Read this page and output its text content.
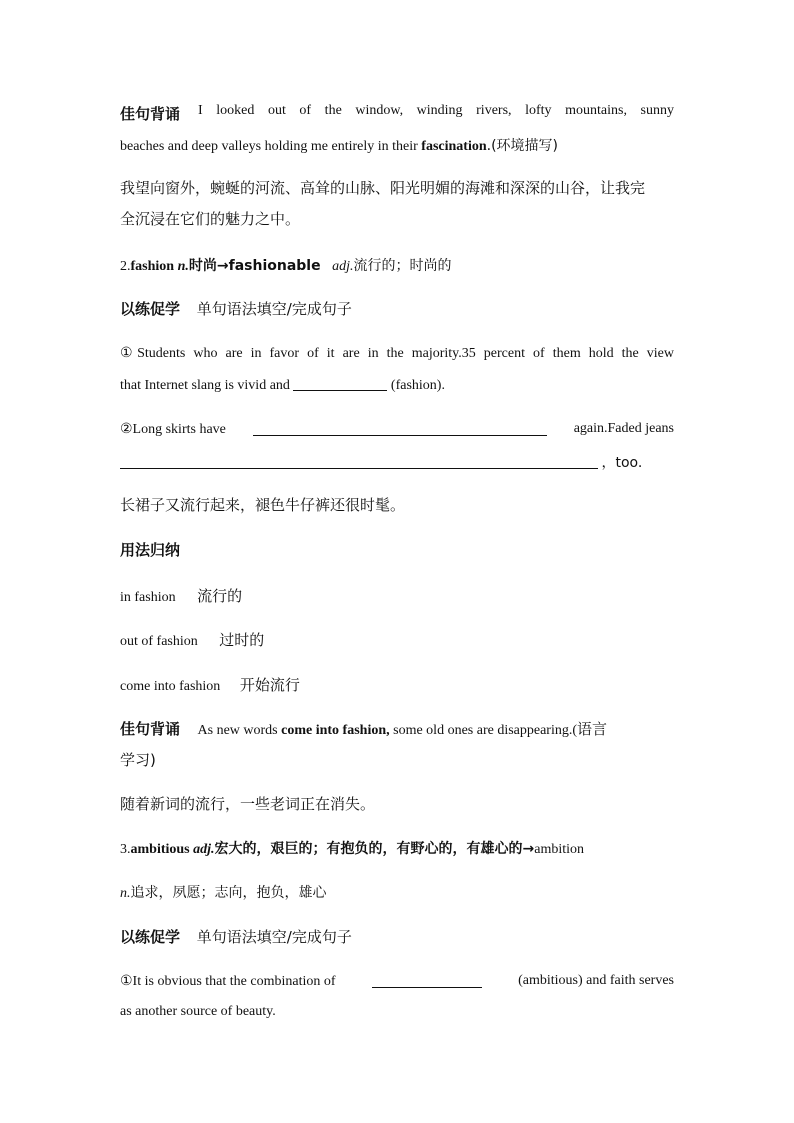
佳句背诵 I looked out of the window, winding rivers, lofty mountains, sunny
beaches and deep valleys holding me entirely in their fascination.(环境描写)
我望向窗外，蜿蜒的河流、高耸的山脉、阳光明媚的海滩和深深的山谷，让我完
全沉浸在它们的魅力之中。
2.fashion n.时尚→fashionable adj.流行的；时尚的
以练促学 单句语法填空/完成句子
①Students who are in favor of it are in the majority.35 percent of them hold the view
that Internet slang is vivid and	(fashion).
②Long skirts have	again.Faded jeans
，too.
长裙子又流行起来，褪色牛仔裤还很时髦。
用法归纳
in fashion 流行的
out of fashion 过时的
come into fashion 开始流行
佳句背诵 As new words come into fashion, some old ones are disappearing.(语言
学习)
随着新词的流行，一些老词正在消失。
3.ambitious adj.宏大的，艰巨的；有抱负的，有野心的，有雄心的→ambition
n.追求，夙愿；志向，抱负，雄心
以练促学 单句语法填空/完成句子
①It is obvious that the combination of	(ambitious) and faith serves
as another source of beauty.
